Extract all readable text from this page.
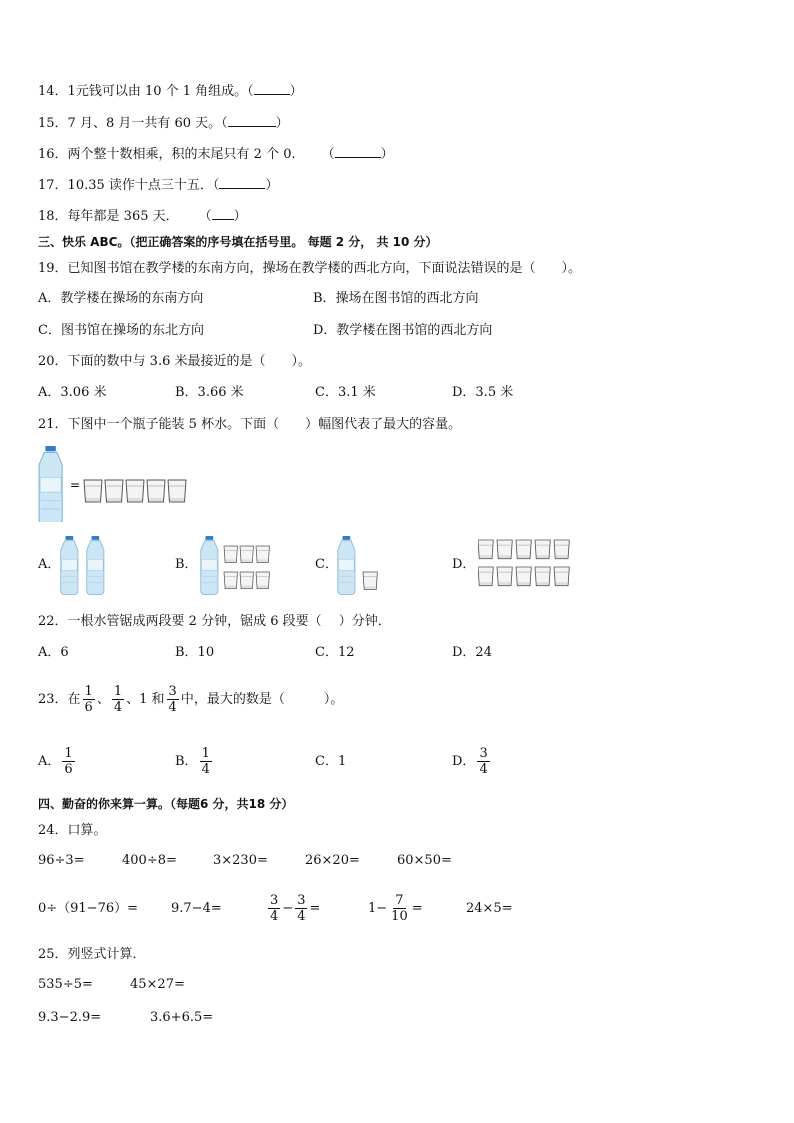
14．1元钱可以由 10 个 1 角组成。（	）
15．7 月、8 月一共有 60 天。（	）
16．两个整十数相乘，积的末尾只有 2 个 0. （	）
17．10.35 读作十点三十五．（	）
18．每年都是 365 天． （ ）
三、快乐 ABC。（把正确答案的序号填在括号里。 每题 2 分， 共 10 分）
19．已知图书馆在教学楼的东南方向，操场在教学楼的西北方向，下面说法错误的是（　　）。
A．教学楼在操场的东南方向	B．操场在图书馆的西北方向
C．图书馆在操场的东北方向	D．教学楼在图书馆的西北方向
20．下面的数中与 3.6 米最接近的是（　　）。
A．3.06 米	B．3.66 米	C．3.1 米	D．3.5 米
21．下图中一个瓶子能装 5 杯水。下面（　　）幅图代表了最大的容量。
=
A．	B．	C．	D．
22．一根水管锯成两段要 2 分钟，锯成 6 段要（　 ）分钟．
A．6	B．10	C．12	D．24
23．在 $\frac{1}{6}$ 、 $\frac{1}{4}$ 、1 和 $\frac{3}{4}$ 中，最大的数是（　　　）。
A． $\frac{1}{6}$	B． $\frac{1}{4}$	C．1	D． $\frac{3}{4}$
四、勤奋的你来算一算。（每题6 分，共18 分）
24．口算。
96÷3=	400÷8=	3×230=	26×20=	60×50=
0÷（91−76）=	9.7−4=	$\frac{3}{4} - \frac{3}{4}$ =	$1- \frac{7}{10}$ =	24×5=
25．列竖式计算．
535÷5=	45×27=
9.3−2.9=	3.6+6.5=
